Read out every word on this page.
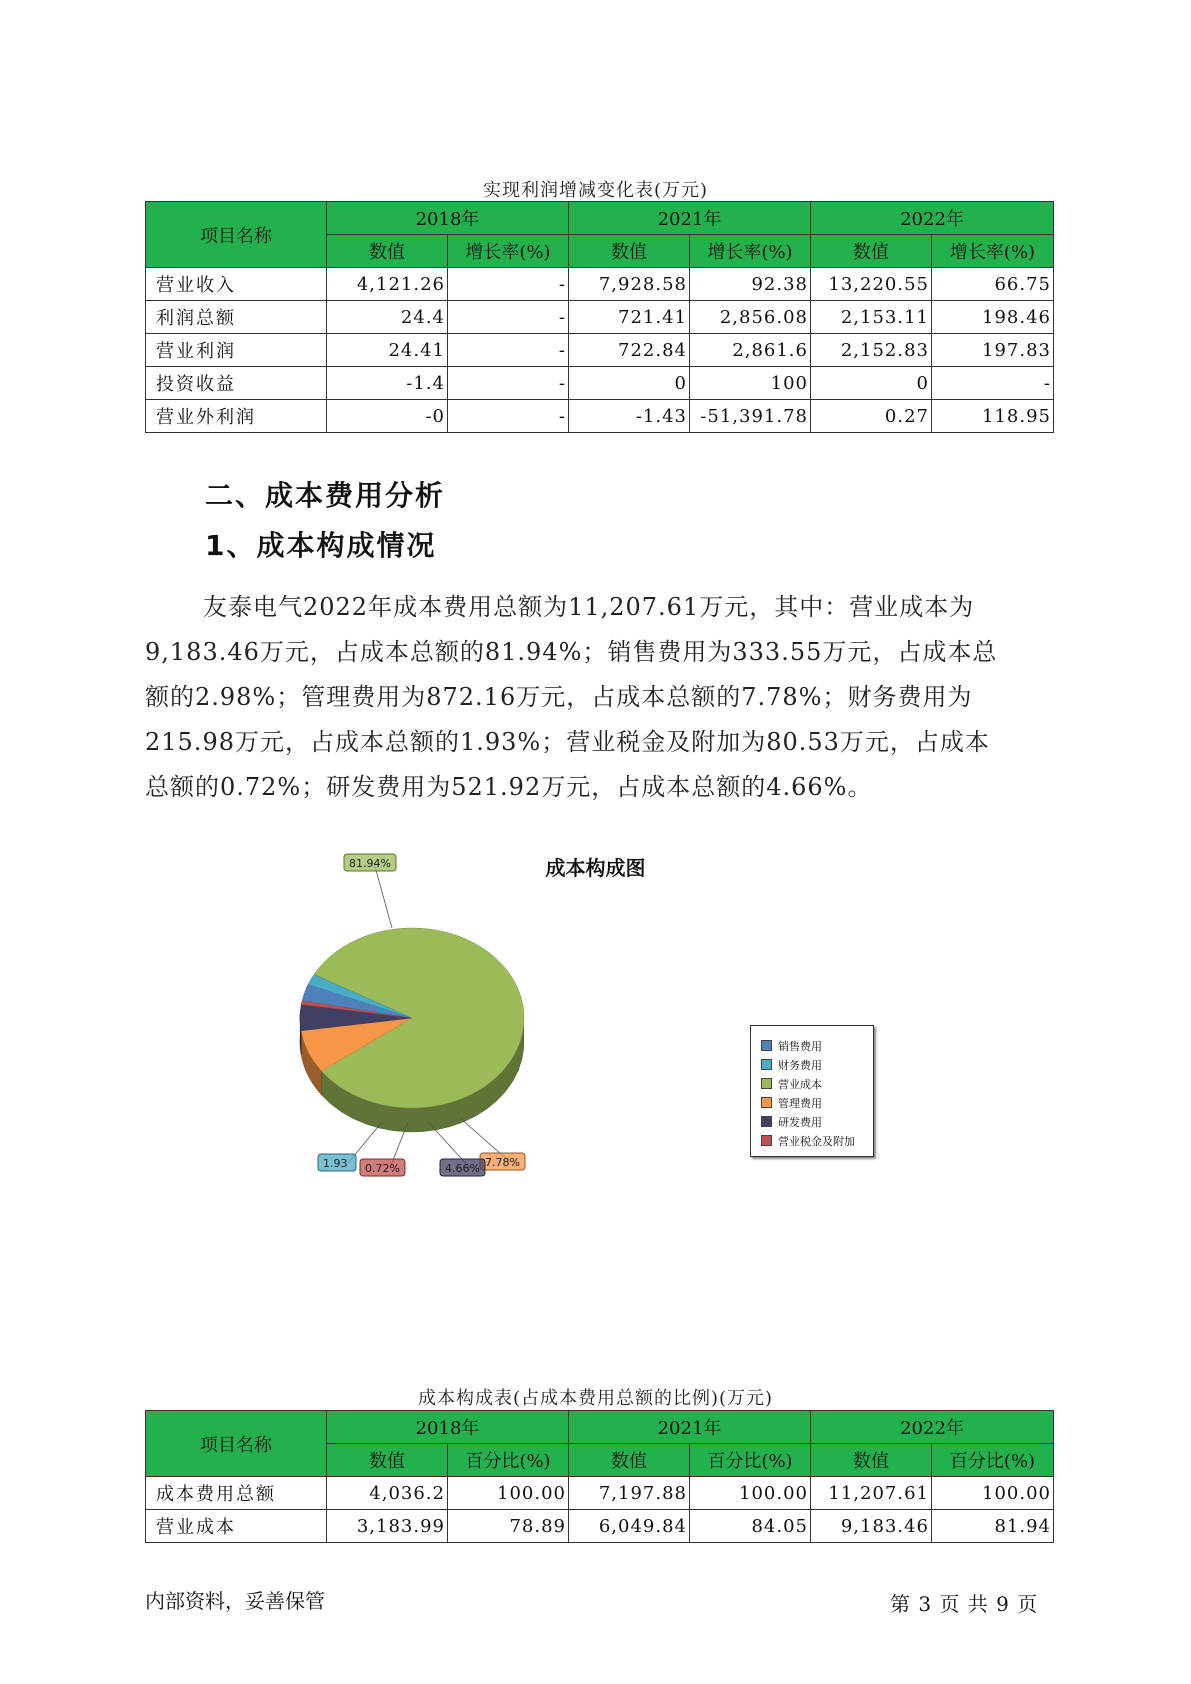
实现利润增减变化表(万元)
项目名称	2018年		2021年		2022年	
	数值	增长率(%)	数值	增长率(%)	数值	增长率(%)
营业收入	4,121.26	-	7,928.58	92.38	13,220.55	66.75
利润总额	24.4	-	721.41	2,856.08	2,153.11	198.46
营业利润	24.41	-	722.84	2,861.6	2,152.83	197.83
投资收益	-1.4	-	0	100	0	-
营业外利润	-0	-	-1.43	-51,391.78	0.27	118.95
二、成本费用分析
1、成本构成情况

友泰电气2022年成本费用总额为11,207.61万元，其中：营业成本为

9,183.46万元，占成本总额的81.94%；销售费用为333.55万元，占成本总

额的2.98%；管理费用为872.16万元，占成本总额的7.78%；财务费用为

215.98万元，占成本总额的1.93%；营业税金及附加为80.53万元，占成本

总额的0.72%；研发费用为521.92万元，占成本总额的4.66%。

成本构成图
81.94%
7.78%
4.66%
0.72%
1.93
销售费用
财务费用
营业成本
管理费用
研发费用
营业税金及附加
成本构成表(占成本费用总额的比例)(万元)
项目名称	2018年		2021年		2022年	
	数值	百分比(%)	数值	百分比(%)	数值	百分比(%)
成本费用总额	4,036.2	100.00	7,197.88	100.00	11,207.61	100.00
营业成本	3,183.99	78.89	6,049.84	84.05	9,183.46	81.94
内部资料，妥善保管	第 3 页 共 9 页
